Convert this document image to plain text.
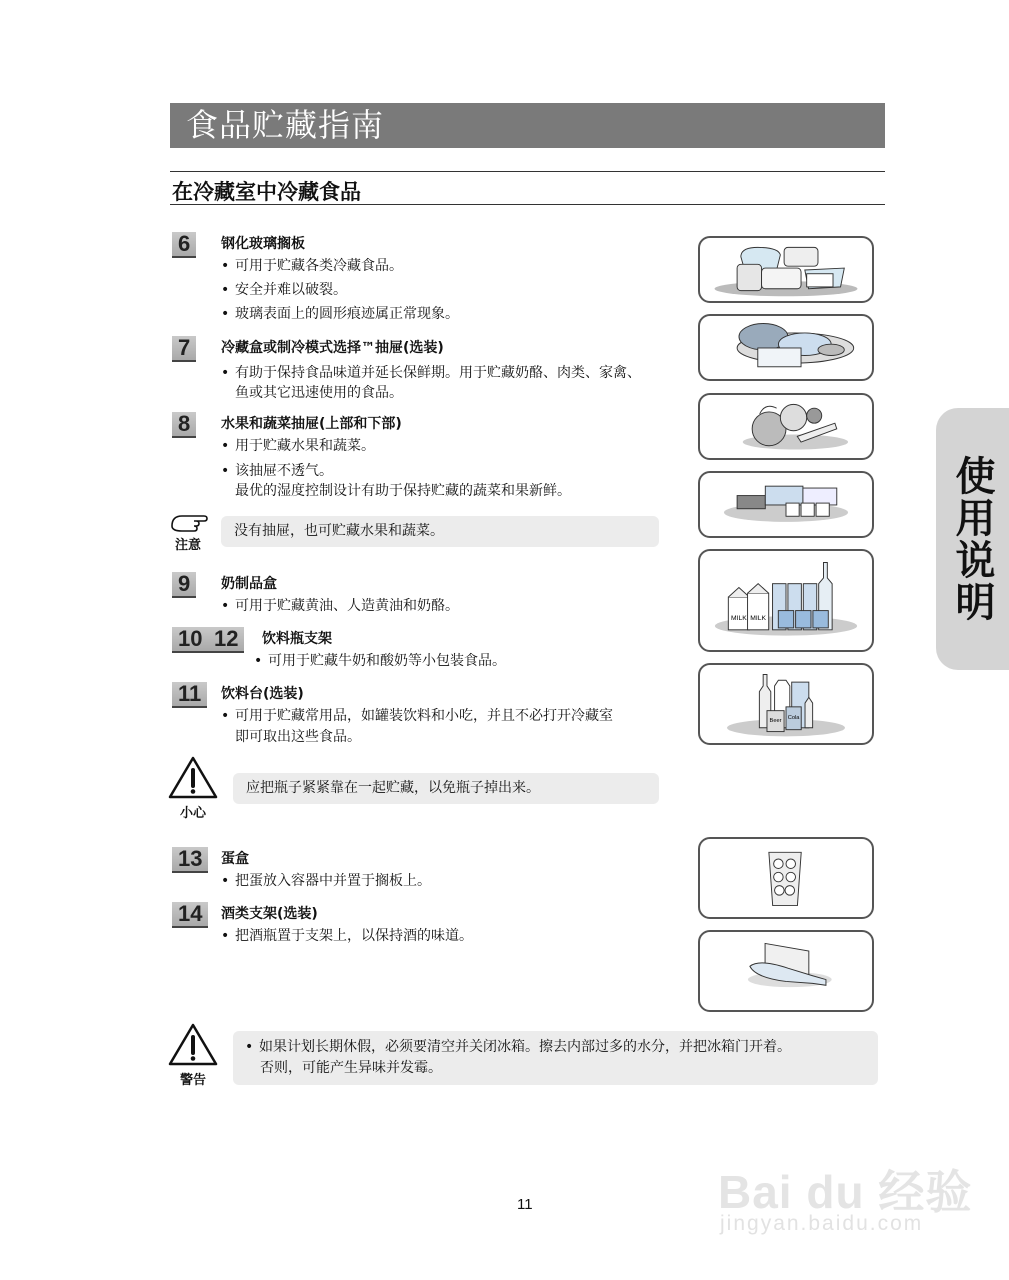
食品贮藏指南
在冷藏室中冷藏食品
6	钢化玻璃搁板
• 可用于贮藏各类冷藏食品。
• 安全并难以破裂。
• 玻璃表面上的圆形痕迹属正常现象。
7	冷藏盒或制冷模式选择™抽屉(选装)
• 有助于保持食品味道并延长保鲜期。用于贮藏奶酪、肉类、家禽、
鱼或其它迅速使用的食品。
8	水果和蔬菜抽屉(上部和下部)
• 用于贮藏水果和蔬菜。
• 该抽屉不透气。
最优的湿度控制设计有助于保持贮藏的蔬菜和果新鲜。
注意
没有抽屉，也可贮藏水果和蔬菜。
9	奶制品盒
• 可用于贮藏黄油、人造黄油和奶酪。
10 12	饮料瓶支架
• 可用于贮藏牛奶和酸奶等小包装食品。
11	饮料台(选装)
• 可用于贮藏常用品，如罐装饮料和小吃，并且不必打开冷藏室
即可取出这些食品。
小心
应把瓶子紧紧靠在一起贮藏，以免瓶子掉出来。
13	蛋盒
• 把蛋放入容器中并置于搁板上。
14	酒类支架(选装)
• 把酒瓶置于支架上，以保持酒的味道。
警告
• 如果计划长期休假，必须要清空并关闭冰箱。擦去内部过多的水分，并把冰箱门开着。
否则，可能产生异味并发霉。
使用说明
MILK MILK
Beer Cola
11	Bai du 经验
jingyan.baidu.com
